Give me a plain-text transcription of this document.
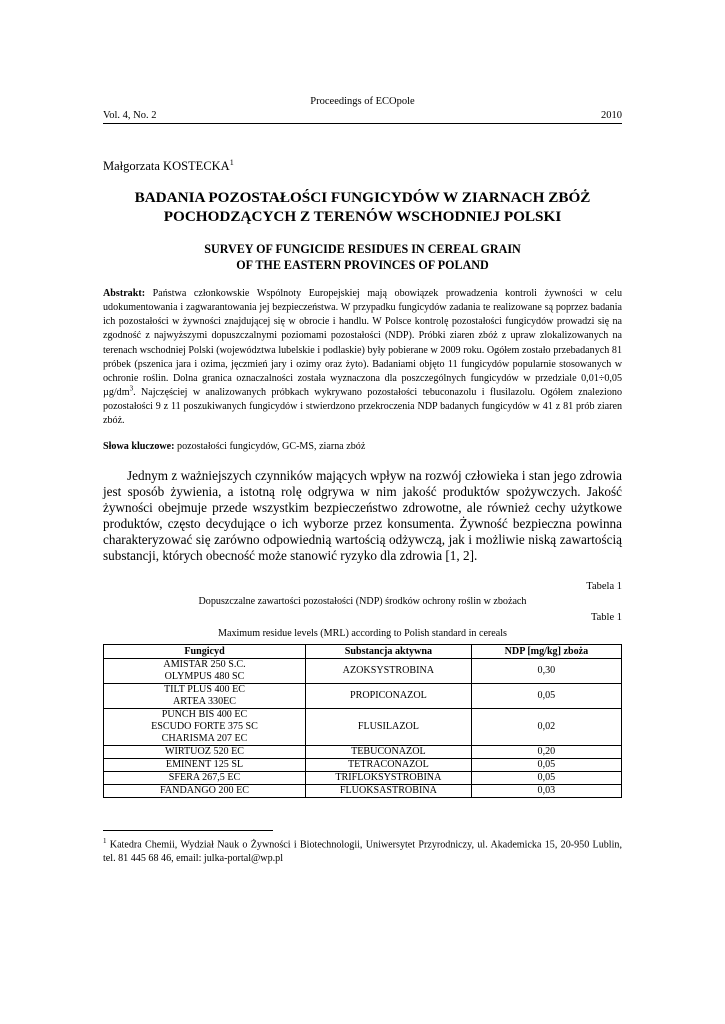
Proceedings of ECOpole

Vol. 4, No. 2	2010
Małgorzata KOSTECKA$^1$
BADANIA POZOSTAŁOŚCI FUNGICYDÓW W ZIARNACH ZBÓŻ
POCHODZĄCYCH Z TERENÓW WSCHODNIEJ POLSKI
SURVEY OF FUNGICIDE RESIDUES IN CEREAL GRAIN
OF THE EASTERN PROVINCES OF POLAND
Abstrakt: Państwa członkowskie Wspólnoty Europejskiej mają obowiązek prowadzenia kontroli żywności w celu udokumentowania i zagwarantowania jej bezpieczeństwa. W przypadku fungicydów zadania te realizowane są poprzez badania ich pozostałości w żywności znajdującej się w obrocie i handlu. W Polsce kontrolę pozostałości fungicydów prowadzi się na zgodność z najwyższymi dopuszczalnymi poziomami pozostałości (NDP). Próbki ziaren zbóż z upraw zlokalizowanych na terenach wschodniej Polski (województwa lubelskie i podlaskie) były pobierane w 2009 roku. Ogółem zostało przebadanych 81 próbek (pszenica jara i ozima, jęczmień jary i ozimy oraz żyto). Badaniami objęto 11 fungicydów popularnie stosowanych w ochronie roślin. Dolna granica oznaczalności została wyznaczona dla poszczególnych fungicydów w przedziale 0,01÷0,05 $\mu g/dm^3$. Najczęściej w analizowanych próbkach wykrywano pozostałości tebuconazolu i flusilazolu. Ogółem znaleziono pozostałości 9 z 11 poszukiwanych fungicydów i stwierdzono przekroczenia NDP badanych fungicydów w 41 z 81 prób ziaren zbóż.
Słowa kluczowe: pozostałości fungicydów, GC-MS, ziarna zbóż

Jednym z ważniejszych czynników mających wpływ na rozwój człowieka i stan jego zdrowia jest sposób żywienia, a istotną rolę odgrywa w nim jakość produktów spożywczych. Jakość żywności obejmuje przede wszystkim bezpieczeństwo zdrowotne, ale również cechy użytkowe produktów, często decydujące o ich wyborze przez konsumenta. Żywność bezpieczna powinna charakteryzować się zarówno odpowiednią wartością odżywczą, jak i możliwie niską zawartością substancji, których obecność może stanowić ryzyko dla zdrowia [1, 2].

Tabela 1
Dopuszczalne zawartości pozostałości (NDP) środków ochrony roślin w zbożach
Table 1
Maximum residue levels (MRL) according to Polish standard in cereals
Fungicyd	Substancja aktywna	NDP [mg/kg] zboża

AMISTAR 250 S.C.
OLYMPUS 480 SC	AZOKSYSTROBINA	0,30

TILT PLUS 400 EC
ARTEA 330EC	PROPICONAZOL	0,05

PUNCH BIS 400 EC
ESCUDO FORTE 375 SC
CHARISMA 207 EC	FLUSILAZOL	0,02
WIRTUOZ 520 EC	TEBUCONAZOL	0,20
EMINENT 125 SL	TETRACONAZOL	0,05
SFERA 267,5 EC	TRIFLOKSYSTROBINA	0,05
FANDANGO 200 EC	FLUOKSASTROBINA	0,03
$^1$ Katedra Chemii, Wydział Nauk o Żywności i Biotechnologii, Uniwersytet Przyrodniczy, ul. Akademicka 15, 20-950 Lublin, tel. 81 445 68 46, email: julka-portal@wp.pl
